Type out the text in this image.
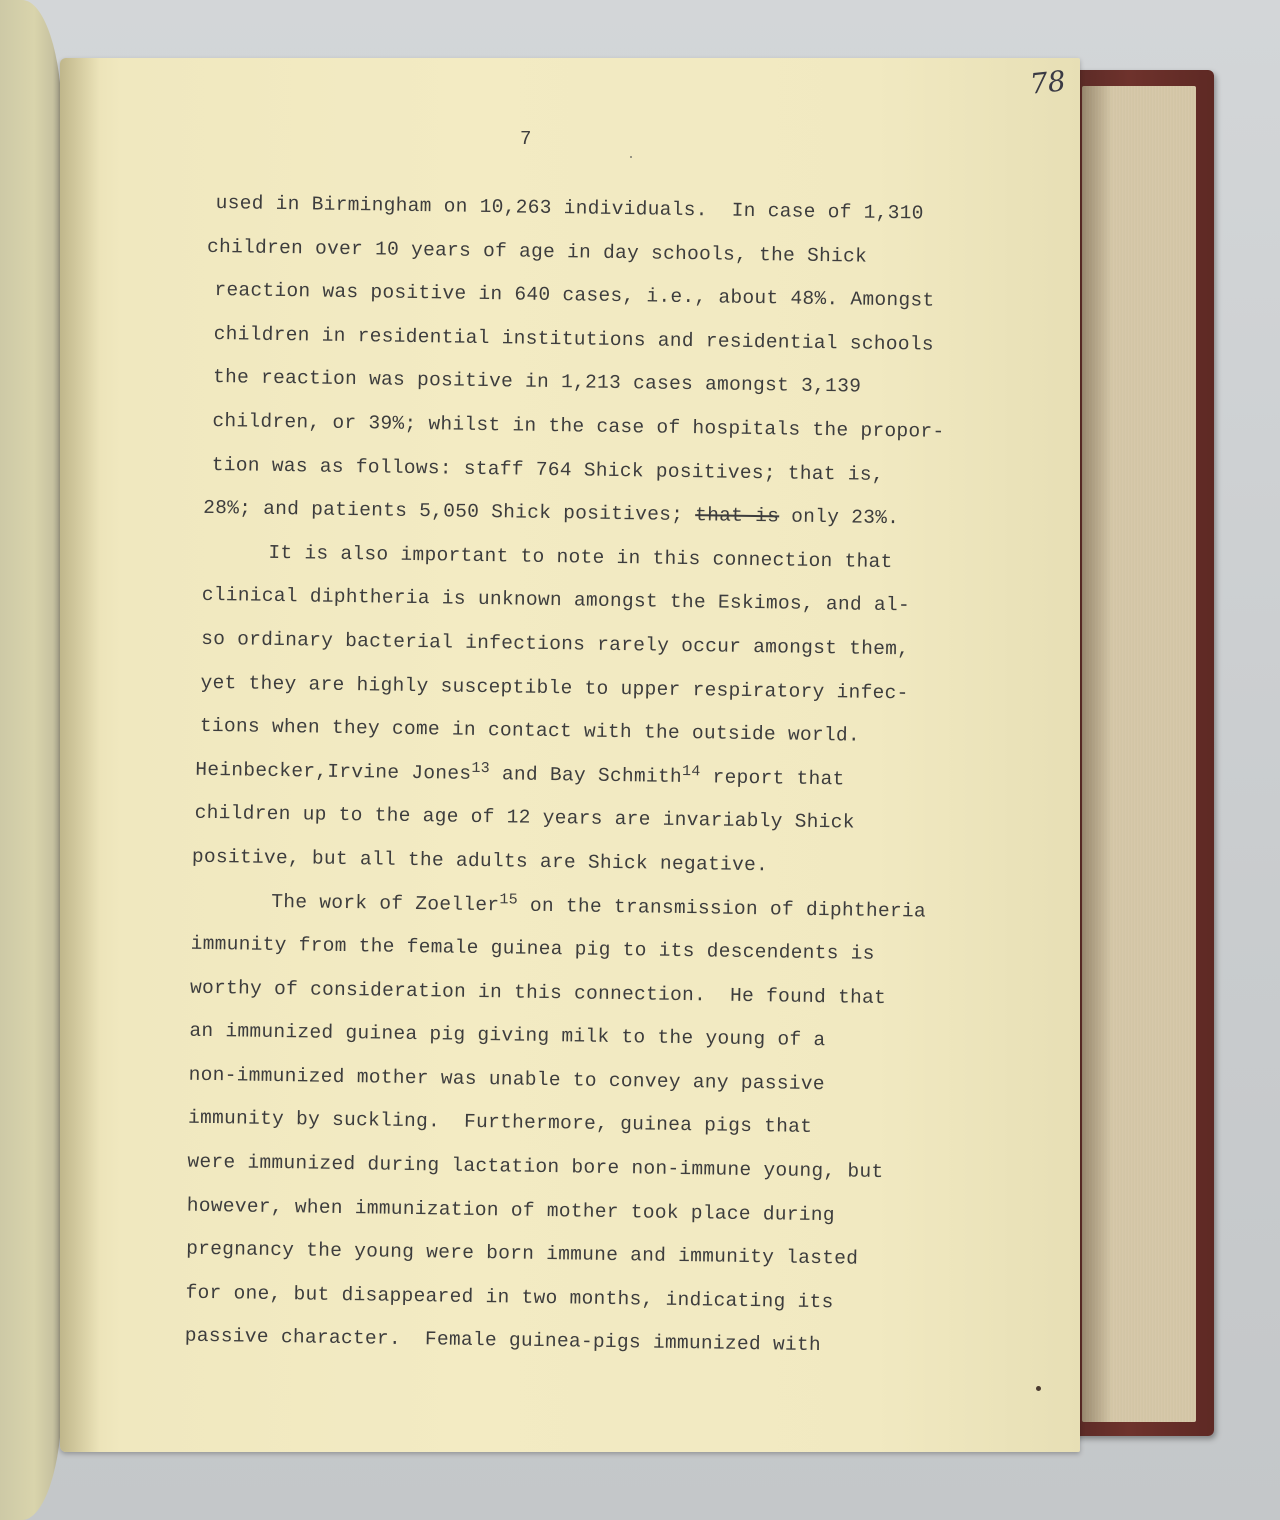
78
7
used in Birmingham on 10,263 individuals.  In case of 1,310
children over 10 years of age in day schools, the Shick
reaction was positive in 640 cases, i.e., about 48%. Amongst
children in residential institutions and residential schools
the reaction was positive in 1,213 cases amongst 3,139
children, or 39%; whilst in the case of hospitals the propor-
tion was as follows: staff 764 Shick positives; that is,
28%; and patients 5,050 Shick positives; that is only 23%.
It is also important to note in this connection that
clinical diphtheria is unknown amongst the Eskimos, and al-
so ordinary bacterial infections rarely occur amongst them,
yet they are highly susceptible to upper respiratory infec-
tions when they come in contact with the outside world.
Heinbecker,Irvine Jones$^{13}$ and Bay Schmith$^{14}$ report that
children up to the age of 12 years are invariably Shick
positive, but all the adults are Shick negative.
The work of Zoeller$^{15}$ on the transmission of diphtheria
immunity from the female guinea pig to its descendents is
worthy of consideration in this connection.  He found that
an immunized guinea pig giving milk to the young of a
non-immunized mother was unable to convey any passive
immunity by suckling.  Furthermore, guinea pigs that
were immunized during lactation bore non-immune young, but
however, when immunization of mother took place during
pregnancy the young were born immune and immunity lasted
for one, but disappeared in two months, indicating its
passive character.  Female guinea-pigs immunized with
